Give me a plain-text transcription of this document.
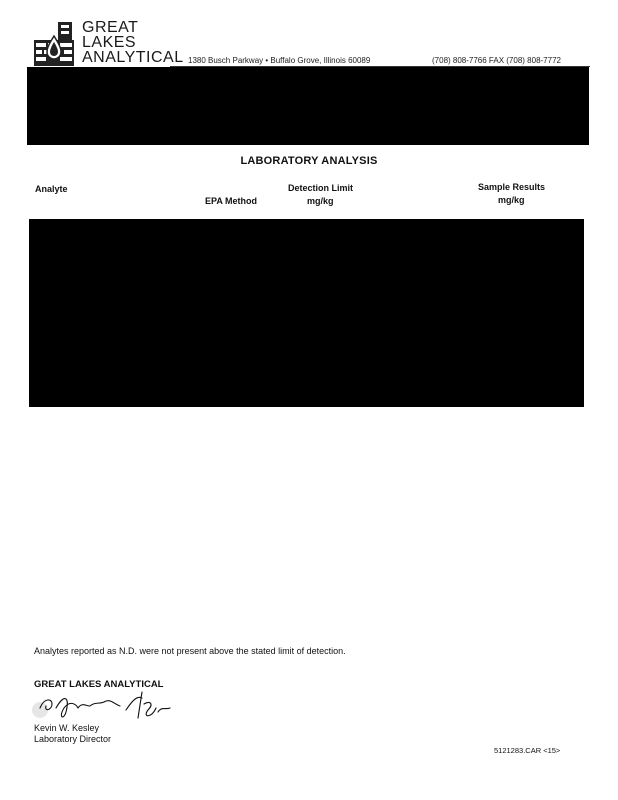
GREAT
LAKES
ANALYTICAL 1380 Busch Parkway • Buffalo Grove, Illinois 60089	(708) 808-7766 FAX (708) 808-7772
LABORATORY ANALYSIS
Analyte
EPA Method
Detection Limit
mg/kg
Sample Results
mg/kg
Analytes reported as N.D. were not present above the stated limit of detection.
GREAT LAKES ANALYTICAL
Kevin W. Kesley
Laboratory Director
5121283.CAR <15>
